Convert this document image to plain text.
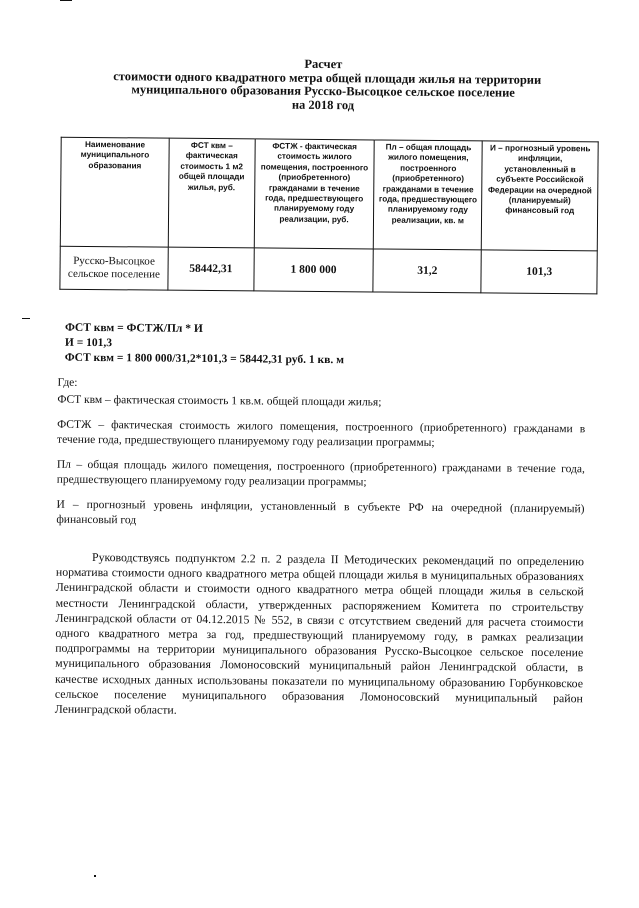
Расчет
стоимости одного квадратного метра общей площади жилья на территории
муниципального образования Русско-Высоцкое сельское поселение
на 2018 год
Наименование муниципального образования	ФСТ квм – фактическая стоимость 1 м2 общей площади жилья, руб.	ФСТЖ - фактическая стоимость жилого помещения, построенного (приобретенного) гражданами в течение года, предшествующего планируемому году реализации, руб.	Пл – общая площадь жилого помещения, построенного (приобретенного) гражданами в течение года, предшествующего планируемому году реализации, кв. м	И – прогнозный уровень инфляции, установленный в субъекте Российской Федерации на очередной (планируемый) финансовый год
Русско-Высоцкое сельское поселение	58442,31	1 800 000	31,2	101,3
ФСТ квм = ФСТЖ/Пл * И
И = 101,3
ФСТ квм = 1 800 000/31,2*101,3 = 58442,31 руб. 1 кв. м

Где:

ФСТ квм – фактическая стоимость 1 кв.м. общей площади жилья;

ФСТЖ – фактическая стоимость жилого помещения, построенного (приобретенного) гражданами в течение года, предшествующего планируемому году реализации программы;

Пл – общая площадь жилого помещения, построенного (приобретенного) гражданами в течение года, предшествующего планируемому году реализации программы;

И – прогнозный уровень инфляции, установленный в субъекте РФ на очередной (планируемый) финансовый год

Руководствуясь подпунктом 2.2 п. 2 раздела II Методических рекомендаций по определению норматива стоимости одного квадратного метра общей площади жилья в муниципальных образованиях Ленинградской области и стоимости одного квадратного метра общей площади жилья в сельской местности Ленинградской области, утвержденных распоряжением Комитета по строительству Ленинградской области от 04.12.2015 № 552, в связи с отсутствием сведений для расчета стоимости одного квадратного метра за год, предшествующий планируемому году, в рамках реализации подпрограммы на территории муниципального образования Русско-Высоцкое сельское поселение муниципального образования Ломоносовский муниципальный район Ленинградской области, в качестве исходных данных использованы показатели по муниципальному образованию Горбунковское сельское поселение муниципального образования Ломоносовский муниципальный район Ленинградской области.
